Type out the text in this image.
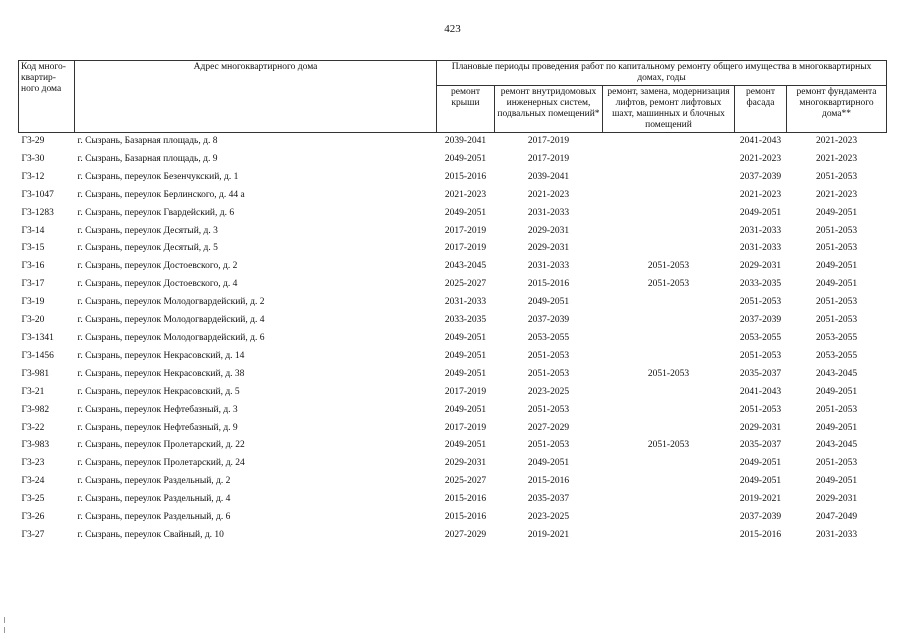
423
Код много-квартир-ного дома	Адрес многоквартирного дома	Плановые периоды проведения работ по капитальному ремонту общего имущества в многоквартирных домах, годы				
		ремонт крыши	ремонт внутридомовых инженерных систем, подвальных помещений*	ремонт, замена, модернизация лифтов, ремонт лифтовых шахт, машинных и блочных помещений	ремонт фасада	ремонт фундамента многоквартирного дома**
Г3-29	г. Сызрань, Базарная площадь, д. 8	2039-2041	2017-2019		2041-2043	2021-2023
Г3-30	г. Сызрань, Базарная площадь, д. 9	2049-2051	2017-2019		2021-2023	2021-2023
Г3-12	г. Сызрань, переулок Безенчукский, д. 1	2015-2016	2039-2041		2037-2039	2051-2053
Г3-1047	г. Сызрань, переулок Берлинского, д. 44 а	2021-2023	2021-2023		2021-2023	2021-2023
Г3-1283	г. Сызрань, переулок Гвардейский, д. 6	2049-2051	2031-2033		2049-2051	2049-2051
Г3-14	г. Сызрань, переулок Десятый, д. 3	2017-2019	2029-2031		2031-2033	2051-2053
Г3-15	г. Сызрань, переулок Десятый, д. 5	2017-2019	2029-2031		2031-2033	2051-2053
Г3-16	г. Сызрань, переулок Достоевского, д. 2	2043-2045	2031-2033	2051-2053	2029-2031	2049-2051
Г3-17	г. Сызрань, переулок Достоевского, д. 4	2025-2027	2015-2016	2051-2053	2033-2035	2049-2051
Г3-19	г. Сызрань, переулок Молодогвардейский, д. 2	2031-2033	2049-2051		2051-2053	2051-2053
Г3-20	г. Сызрань, переулок Молодогвардейский, д. 4	2033-2035	2037-2039		2037-2039	2051-2053
Г3-1341	г. Сызрань, переулок Молодогвардейский, д. 6	2049-2051	2053-2055		2053-2055	2053-2055
Г3-1456	г. Сызрань, переулок Некрасовский, д. 14	2049-2051	2051-2053		2051-2053	2053-2055
Г3-981	г. Сызрань, переулок Некрасовский, д. 38	2049-2051	2051-2053	2051-2053	2035-2037	2043-2045
Г3-21	г. Сызрань, переулок Некрасовский, д. 5	2017-2019	2023-2025		2041-2043	2049-2051
Г3-982	г. Сызрань, переулок Нефтебазный, д. 3	2049-2051	2051-2053		2051-2053	2051-2053
Г3-22	г. Сызрань, переулок Нефтебазный, д. 9	2017-2019	2027-2029		2029-2031	2049-2051
Г3-983	г. Сызрань, переулок Пролетарский, д. 22	2049-2051	2051-2053	2051-2053	2035-2037	2043-2045
Г3-23	г. Сызрань, переулок Пролетарский, д. 24	2029-2031	2049-2051		2049-2051	2051-2053
Г3-24	г. Сызрань, переулок Раздельный, д. 2	2025-2027	2015-2016		2049-2051	2049-2051
Г3-25	г. Сызрань, переулок Раздельный, д. 4	2015-2016	2035-2037		2019-2021	2029-2031
Г3-26	г. Сызрань, переулок Раздельный, д. 6	2015-2016	2023-2025		2037-2039	2047-2049
Г3-27	г. Сызрань, переулок Свайный, д. 10	2027-2029	2019-2021		2015-2016	2031-2033
